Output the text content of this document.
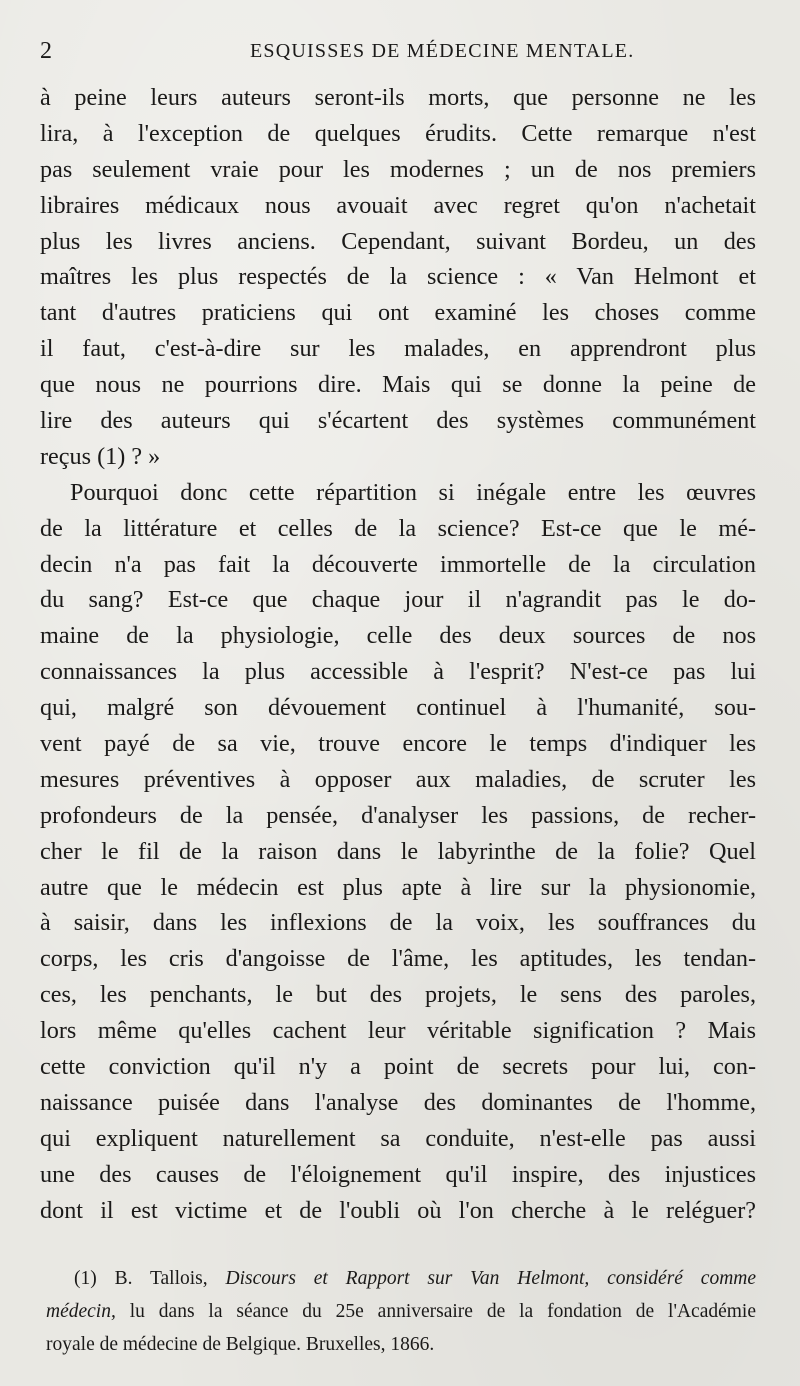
2	ESQUISSES DE MÉDECINE MENTALE.
à peine leurs auteurs seront-ils morts, que personne ne les
lira, à l'exception de quelques érudits. Cette remarque n'est
pas seulement vraie pour les modernes ; un de nos premiers
libraires médicaux nous avouait avec regret qu'on n'achetait
plus les livres anciens. Cependant, suivant Bordeu, un des
maîtres les plus respectés de la science : « Van Helmont et
tant d'autres praticiens qui ont examiné les choses comme
il faut, c'est-à-dire sur les malades, en apprendront plus
que nous ne pourrions dire. Mais qui se donne la peine de
lire des auteurs qui s'écartent des systèmes communément
reçus (1) ? »
Pourquoi donc cette répartition si inégale entre les œuvres
de la littérature et celles de la science? Est-ce que le mé-
decin n'a pas fait la découverte immortelle de la circulation
du sang? Est-ce que chaque jour il n'agrandit pas le do-
maine de la physiologie, celle des deux sources de nos
connaissances la plus accessible à l'esprit? N'est-ce pas lui
qui, malgré son dévouement continuel à l'humanité, sou-
vent payé de sa vie, trouve encore le temps d'indiquer les
mesures préventives à opposer aux maladies, de scruter les
profondeurs de la pensée, d'analyser les passions, de recher-
cher le fil de la raison dans le labyrinthe de la folie? Quel
autre que le médecin est plus apte à lire sur la physionomie,
à saisir, dans les inflexions de la voix, les souffrances du
corps, les cris d'angoisse de l'âme, les aptitudes, les tendan-
ces, les penchants, le but des projets, le sens des paroles,
lors même qu'elles cachent leur véritable signification ? Mais
cette conviction qu'il n'y a point de secrets pour lui, con-
naissance puisée dans l'analyse des dominantes de l'homme,
qui expliquent naturellement sa conduite, n'est-elle pas aussi
une des causes de l'éloignement qu'il inspire, des injustices
dont il est victime et de l'oubli où l'on cherche à le reléguer?
(1) B. Tallois, Discours et Rapport sur Van Helmont, considéré comme
médecin, lu dans la séance du 25e anniversaire de la fondation de l'Académie
royale de médecine de Belgique. Bruxelles, 1866.
